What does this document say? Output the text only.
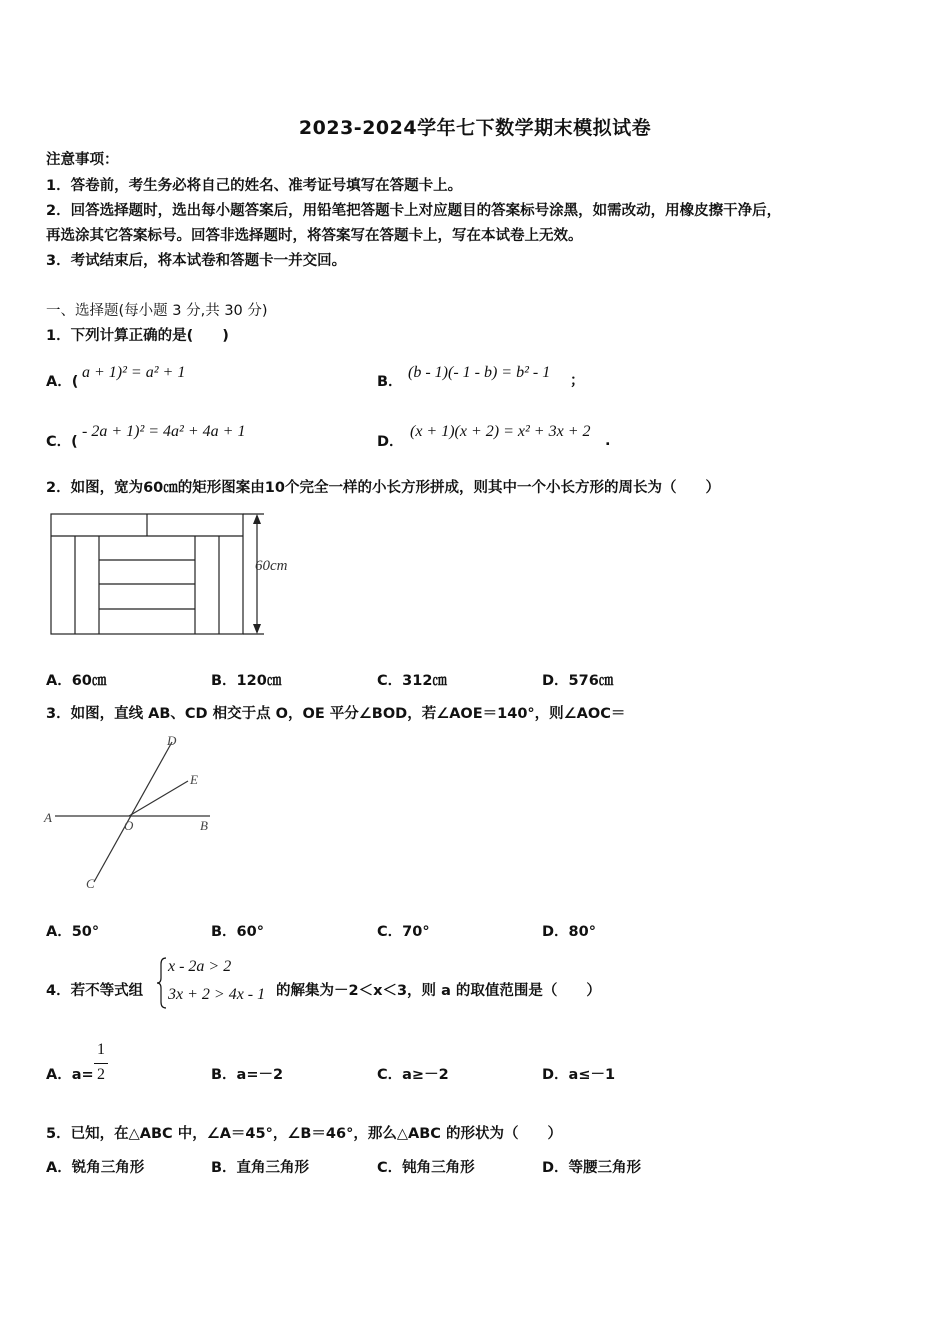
2023-2024学年七下数学期末模拟试卷
注意事项：
1．答卷前，考生务必将自己的姓名、准考证号填写在答题卡上。
2．回答选择题时，选出每小题答案后，用铅笔把答题卡上对应题目的答案标号涂黑，如需改动，用橡皮擦干净后，
再选涂其它答案标号。回答非选择题时，将答案写在答题卡上，写在本试卷上无效。
3．考试结束后，将本试卷和答题卡一并交回。
一、选择题(每小题 3 分,共 30 分)
1．下列计算正确的是(　　)
A．(
a + 1)² = a² + 1
B．
(b - 1)(- 1 - b) = b² - 1 ；
C．(
- 2a + 1)² = 4a² + 4a + 1
D．
(x + 1)(x + 2) = x² + 3x + 2
.
2．如图，宽为60㎝的矩形图案由10个完全一样的小长方形拼成，则其中一个小长方形的周长为（　　）
60cm
A．60㎝	B．120㎝	C．312㎝	D．576㎝
3．如图，直线 AB、CD 相交于点 O，OE 平分∠BOD，若∠AOE＝140°，则∠AOC＝
A
B
C
D
E
O
A．50°	B．60°	C．70°	D．80°
4．若不等式组
x - 2a > 2
3x + 2 > 4x - 1 的解集为－2＜x＜3，则 a 的取值范围是（　　）
A．a=
1
2	B．a=－2	C．a≥－2	D．a≤－1
5．已知，在△ABC 中，∠A＝45°，∠B＝46°，那么△ABC 的形状为（　　）
A．锐角三角形	B．直角三角形	C．钝角三角形	D．等腰三角形
